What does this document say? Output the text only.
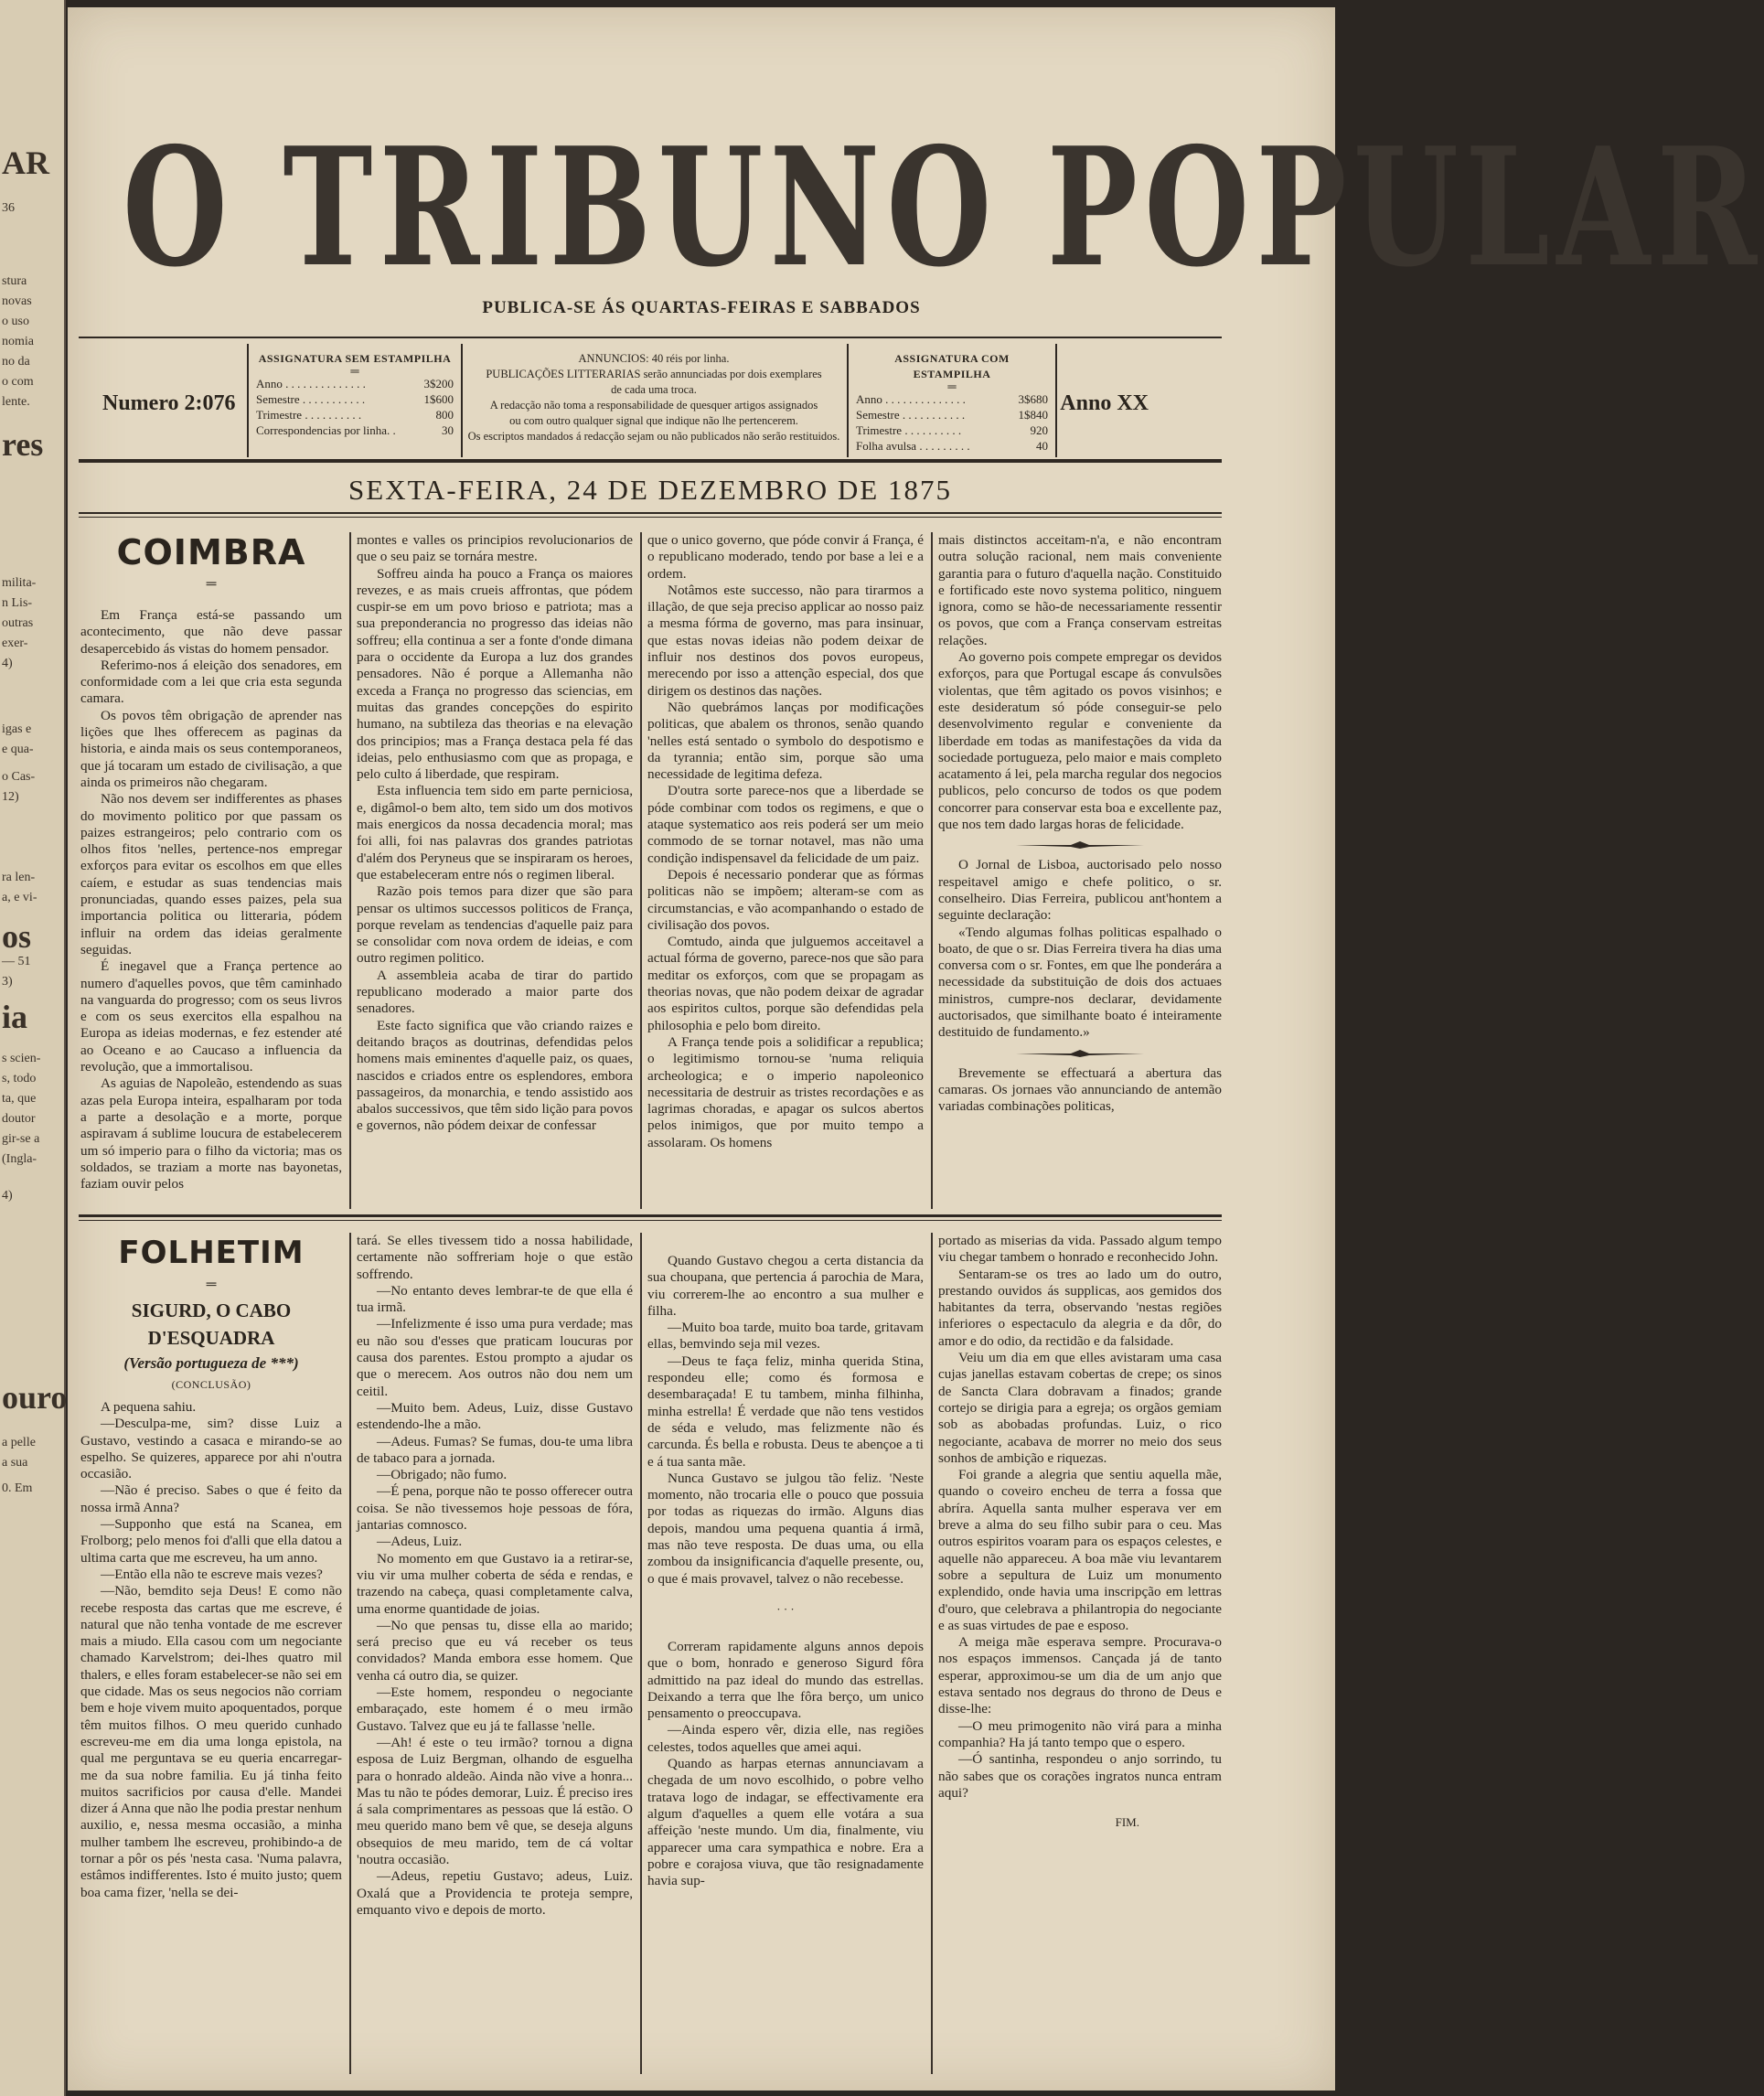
AR
36
stura
novas
o uso
nomia
no da
o com
lente.
res
milita-
n Lis-
outras
exer-
4)
igas e
e qua-
o Cas-
12)
ra len-
a, e vi-
os
— 51
3)
ia
s scien-
s, todo
ta, que
doutor
gir-se a
(Ingla-
4)
ouro
a pelle
a sua
0. Em
O TRIBUNO POPULAR
PUBLICA-SE ÁS QUARTAS-FEIRAS E SABBADOS
Numero 2:076
ASSIGNATURA SEM ESTAMPILHA
═
Anno . . . . . . . . . . . . . .	3$200
Semestre . . . . . . . . . . .	1$600
Trimestre . . . . . . . . . .	800
Correspondencias por linha. .	30
ANNUNCIOS: 40 réis por linha.
PUBLICAÇÕES LITTERARIAS serão annunciadas por dois exemplares
de cada uma troca.
A redacção não toma a responsabilidade de quesquer artigos assignados
ou com outro qualquer signal que indique não lhe pertencerem.
Os escriptos mandados á redacção sejam ou não publicados não serão restituidos.
ASSIGNATURA COM ESTAMPILHA
═
Anno . . . . . . . . . . . . . .	3$680
Semestre . . . . . . . . . . .	1$840
Trimestre . . . . . . . . . .	920
Folha avulsa . . . . . . . . .	40
Anno XX
SEXTA-FEIRA, 24 DE DEZEMBRO DE 1875
COIMBRA
═

Em França está-se passando um acontecimento, que não deve passar desapercebido ás vistas do homem pensador.

Referimo-nos á eleição dos senadores, em conformidade com a lei que cria esta segunda camara.

Os povos têm obrigação de aprender nas lições que lhes offerecem as paginas da historia, e ainda mais os seus contemporaneos, que já tocaram um estado de civilisação, a que ainda os primeiros não chegaram.

Não nos devem ser indifferentes as phases do movimento politico por que passam os paizes estrangeiros; pelo contrario com os olhos fitos 'nelles, pertence-nos empregar exforços para evitar os escolhos em que elles caíem, e estudar as suas tendencias mais pronunciadas, quando esses paizes, pela sua importancia politica ou litteraria, pódem influir na ordem das ideias geralmente seguidas.

É inegavel que a França pertence ao numero d'aquelles povos, que têm caminhado na vanguarda do progresso; com os seus livros e com os seus exercitos ella espalhou na Europa as ideias modernas, e fez estender até ao Oceano e ao Caucaso a influencia da revolução, que a immortalisou.

As aguias de Napoleão, estendendo as suas azas pela Europa inteira, espalharam por toda a parte a desolação e a morte, porque aspiravam á sublime loucura de estabelecerem um só imperio para o filho da victoria; mas os soldados, se traziam a morte nas bayonetas, faziam ouvir pelos

montes e valles os principios revolucionarios de que o seu paiz se tornára mestre.

Soffreu ainda ha pouco a França os maiores revezes, e as mais crueis affrontas, que pódem cuspir-se em um povo brioso e patriota; mas a sua preponderancia no progresso das ideias não soffreu; ella continua a ser a fonte d'onde dimana para o occidente da Europa a luz dos grandes pensadores. Não é porque a Allemanha não exceda a França no progresso das sciencias, em muitas das grandes concepções do espirito humano, na subtileza das theorias e na elevação dos principios; mas a França destaca pela fé das ideias, pelo enthusiasmo com que as propaga, e pelo culto á liberdade, que respiram.

Esta influencia tem sido em parte perniciosa, e, digâmol-o bem alto, tem sido um dos motivos mais energicos da nossa decadencia moral; mas foi alli, foi nas palavras dos grandes patriotas d'além dos Peryneus que se inspiraram os heroes, que estabeleceram entre nós o regimen liberal.

Razão pois temos para dizer que são para pensar os ultimos successos politicos de França, porque revelam as tendencias d'aquelle paiz para se consolidar com nova ordem de ideias, e com outro regimen politico.

A assembleia acaba de tirar do partido republicano moderado a maior parte dos senadores.

Este facto significa que vão criando raizes e deitando braços as doutrinas, defendidas pelos homens mais eminentes d'aquelle paiz, os quaes, nascidos e criados entre os esplendores, embora passageiros, da monarchia, e tendo assistido aos abalos successivos, que têm sido lição para povos e governos, não pódem deixar de confessar

que o unico governo, que póde convir á França, é o republicano moderado, tendo por base a lei e a ordem.

Notâmos este successo, não para tirarmos a illação, de que seja preciso applicar ao nosso paiz a mesma fórma de governo, mas para insinuar, que estas novas ideias não podem deixar de influir nos destinos dos povos europeus, merecendo por isso a attenção especial, dos que dirigem os destinos das nações.

Não quebrámos lanças por modificações politicas, que abalem os thronos, senão quando 'nelles está sentado o symbolo do despotismo e da tyrannia; então sim, porque são uma necessidade de legitima defeza.

D'outra sorte parece-nos que a liberdade se póde combinar com todos os regimens, e que o ataque systematico aos reis poderá ser um meio commodo de se tornar notavel, mas não uma condição indispensavel da felicidade de um paiz.

Depois é necessario ponderar que as fórmas politicas não se impõem; alteram-se com as circumstancias, e vão acompanhando o estado de civilisação dos povos.

Comtudo, ainda que julguemos acceitavel a actual fórma de governo, parece-nos que são para meditar os exforços, com que se propagam as theorias novas, que não podem deixar de agradar aos espiritos cultos, porque são defendidas pela philosophia e pelo bom direito.

A França tende pois a solidificar a republica; o legitimismo tornou-se 'numa reliquia archeologica; e o imperio napoleonico necessitaria de destruir as tristes recordações e as lagrimas choradas, e apagar os sulcos abertos pelos inimigos, que por muito tempo a assolaram. Os homens

mais distinctos acceitam-n'a, e não encontram outra solução racional, nem mais conveniente garantia para o futuro d'aquella nação. Constituido e fortificado este novo systema politico, ninguem ignora, como se hão-de necessariamente ressentir os povos, que com a França conservam estreitas relações.

Ao governo pois compete empregar os devidos exforços, para que Portugal escape ás convulsões violentas, que têm agitado os povos visinhos; e este desideratum só póde conseguir-se pelo desenvolvimento regular e conveniente da liberdade em todas as manifestações da vida da sociedade portugueza, pelo maior e mais completo acatamento á lei, pela marcha regular dos negocios publicos, pelo concurso de todos os que podem concorrer para conservar esta boa e excellente paz, que nos tem dado largas horas de felicidade.

O Jornal de Lisboa, auctorisado pelo nosso respeitavel amigo e chefe politico, o sr. conselheiro. Dias Ferreira, publicou ant'hontem a seguinte declaração:

«Tendo algumas folhas politicas espalhado o boato, de que o sr. Dias Ferreira tivera ha dias uma conversa com o sr. Fontes, em que lhe ponderára a necessidade da substituição de dois dos actuaes ministros, cumpre-nos declarar, devidamente auctorisados, que similhante boato é inteiramente destituido de fundamento.»

Brevemente se effectuará a abertura das camaras. Os jornaes vão annunciando de antemão variadas combinações politicas,

FOLHETIM
═
SIGURD, O CABO D'ESQUADRA
(Versão portugueza de ***)
(CONCLUSÃO)

A pequena sahiu.

—Desculpa-me, sim? disse Luiz a Gustavo, vestindo a casaca e mirando-se ao espelho. Se quizeres, apparece por ahi n'outra occasião.

—Não é preciso. Sabes o que é feito da nossa irmã Anna?

—Supponho que está na Scanea, em Frolborg; pelo menos foi d'alli que ella datou a ultima carta que me escreveu, ha um anno.

—Então ella não te escreve mais vezes?

—Não, bemdito seja Deus! E como não recebe resposta das cartas que me escreve, é natural que não tenha vontade de me escrever mais a miudo. Ella casou com um negociante chamado Karvelstrom; dei-lhes quatro mil thalers, e elles foram estabelecer-se não sei em que cidade. Mas os seus negocios não corriam bem e hoje vivem muito apoquentados, porque têm muitos filhos. O meu querido cunhado escreveu-me em dia uma longa epistola, na qual me perguntava se eu queria encarregar-me da sua nobre familia. Eu já tinha feito muitos sacrificios por causa d'elle. Mandei dizer á Anna que não lhe podia prestar nenhum auxilio, e, nessa mesma occasião, a minha mulher tambem lhe escreveu, prohibindo-a de tornar a pôr os pés 'nesta casa. 'Numa palavra, estâmos indifferentes. Isto é muito justo; quem boa cama fizer, 'nella se dei-

tará. Se elles tivessem tido a nossa habilidade, certamente não soffreriam hoje o que estão soffrendo.

—No entanto deves lembrar-te de que ella é tua irmã.

—Infelizmente é isso uma pura verdade; mas eu não sou d'esses que praticam loucuras por causa dos parentes. Estou prompto a ajudar os que o merecem. Aos outros não dou nem um ceitil.

—Muito bem. Adeus, Luiz, disse Gustavo estendendo-lhe a mão.

—Adeus. Fumas? Se fumas, dou-te uma libra de tabaco para a jornada.

—Obrigado; não fumo.

—É pena, porque não te posso offerecer outra coisa. Se não tivessemos hoje pessoas de fóra, jantarias comnosco.

—Adeus, Luiz.

No momento em que Gustavo ia a retirar-se, viu vir uma mulher coberta de séda e rendas, e trazendo na cabeça, quasi completamente calva, uma enorme quantidade de joias.

—No que pensas tu, disse ella ao marido; será preciso que eu vá receber os teus convidados? Manda embora esse homem. Que venha cá outro dia, se quizer.

—Este homem, respondeu o negociante embaraçado, este homem é o meu irmão Gustavo. Talvez que eu já te fallasse 'nelle.

—Ah! é este o teu irmão? tornou a digna esposa de Luiz Bergman, olhando de esguelha para o honrado aldeão. Ainda não vive a honra... Mas tu não te pódes demorar, Luiz. É preciso ires á sala comprimentares as pessoas que lá estão. O meu querido mano bem vê que, se deseja alguns obsequios de meu marido, tem de cá voltar 'noutra occasião.

—Adeus, repetiu Gustavo; adeus, Luiz. Oxalá que a Providencia te proteja sempre, emquanto vivo e depois de morto.

Quando Gustavo chegou a certa distancia da sua choupana, que pertencia á parochia de Mara, viu correrem-lhe ao encontro a sua mulher e filha.

—Muito boa tarde, muito boa tarde, gritavam ellas, bemvindo seja mil vezes.

—Deus te faça feliz, minha querida Stina, respondeu elle; como és formosa e desembaraçada! E tu tambem, minha filhinha, minha estrella! É verdade que não tens vestidos de séda e veludo, mas felizmente não és carcunda. És bella e robusta. Deus te abençoe a ti e á tua santa mãe.

Nunca Gustavo se julgou tão feliz. 'Neste momento, não trocaria elle o pouco que possuia por todas as riquezas do irmão. Alguns dias depois, mandou uma pequena quantia á irmã, mas não teve resposta. De duas uma, ou ella zombou da insignificancia d'aquelle presente, ou, o que é mais provavel, talvez o não recebesse.

· · ·

Correram rapidamente alguns annos depois que o bom, honrado e generoso Sigurd fôra admittido na paz ideal do mundo das estrellas. Deixando a terra que lhe fôra berço, um unico pensamento o preoccupava.

—Ainda espero vêr, dizia elle, nas regiões celestes, todos aquelles que amei aqui.

Quando as harpas eternas annunciavam a chegada de um novo escolhido, o pobre velho tratava logo de indagar, se effectivamente era algum d'aquelles a quem elle votára a sua affeição 'neste mundo. Um dia, finalmente, viu apparecer uma cara sympathica e nobre. Era a pobre e corajosa viuva, que tão resignadamente havia sup-

portado as miserias da vida. Passado algum tempo viu chegar tambem o honrado e reconhecido John.

Sentaram-se os tres ao lado um do outro, prestando ouvidos ás supplicas, aos gemidos dos habitantes da terra, observando 'nestas regiões inferiores o espectaculo da alegria e da dôr, do amor e do odio, da rectidão e da falsidade.

Veiu um dia em que elles avistaram uma casa cujas janellas estavam cobertas de crepe; os sinos de Sancta Clara dobravam a finados; grande cortejo se dirigia para a egreja; os orgãos gemiam sob as abobadas profundas. Luiz, o rico negociante, acabava de morrer no meio dos seus sonhos de ambição e riquezas.

Foi grande a alegria que sentiu aquella mãe, quando o coveiro encheu de terra a fossa que abríra. Aquella santa mulher esperava ver em breve a alma do seu filho subir para o ceu. Mas outros espiritos voaram para os espaços celestes, e aquelle não appareceu. A boa mãe viu levantarem sobre a sepultura de Luiz um monumento explendido, onde havia uma inscripção em lettras d'ouro, que celebrava a philantropia do negociante e as suas virtudes de pae e esposo.

A meiga mãe esperava sempre. Procurava-o nos espaços immensos. Cançada já de tanto esperar, approximou-se um dia de um anjo que estava sentado nos degraus do throno de Deus e disse-lhe:

—O meu primogenito não virá para a minha companhia? Ha já tanto tempo que o espero.

—Ó santinha, respondeu o anjo sorrindo, tu não sabes que os corações ingratos nunca entram aqui?

FIM.
